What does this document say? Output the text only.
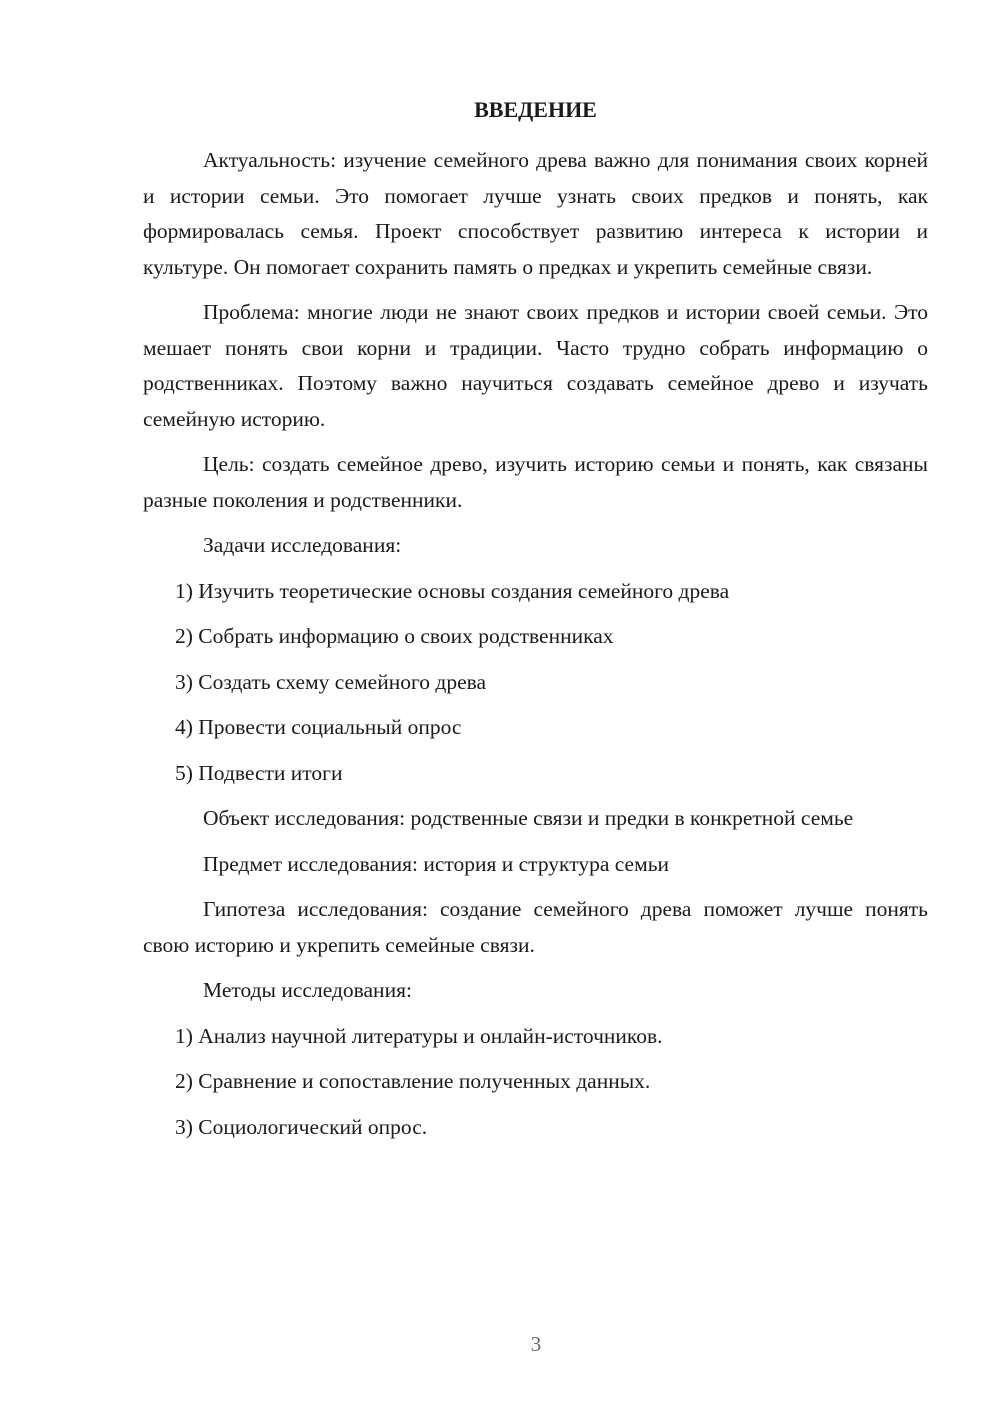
ВВЕДЕНИЕ

Актуальность: изучение семейного древа важно для понимания своих корней и истории семьи. Это помогает лучше узнать своих предков и понять, как формировалась семья. Проект способствует развитию интереса к истории и культуре. Он помогает сохранить память о предках и укрепить семейные связи.

Проблема: многие люди не знают своих предков и истории своей семьи. Это мешает понять свои корни и традиции. Часто трудно собрать информацию о родственниках. Поэтому важно научиться создавать семейное древо и изучать семейную историю.

Цель: создать семейное древо, изучить историю семьи и понять, как связаны разные поколения и родственники.

Задачи исследования:
1) Изучить теоретические основы создания семейного древа
2) Собрать информацию о своих родственниках
3) Создать схему семейного древа
4) Провести социальный опрос
5) Подвести итоги

Объект исследования: родственные связи и предки в конкретной семье

Предмет исследования: история и структура семьи

Гипотеза исследования: создание семейного древа поможет лучше понять свою историю и укрепить семейные связи.

Методы исследования:
1) Анализ научной литературы и онлайн-источников.
2) Сравнение и сопоставление полученных данных.
3) Социологический опрос.
3
